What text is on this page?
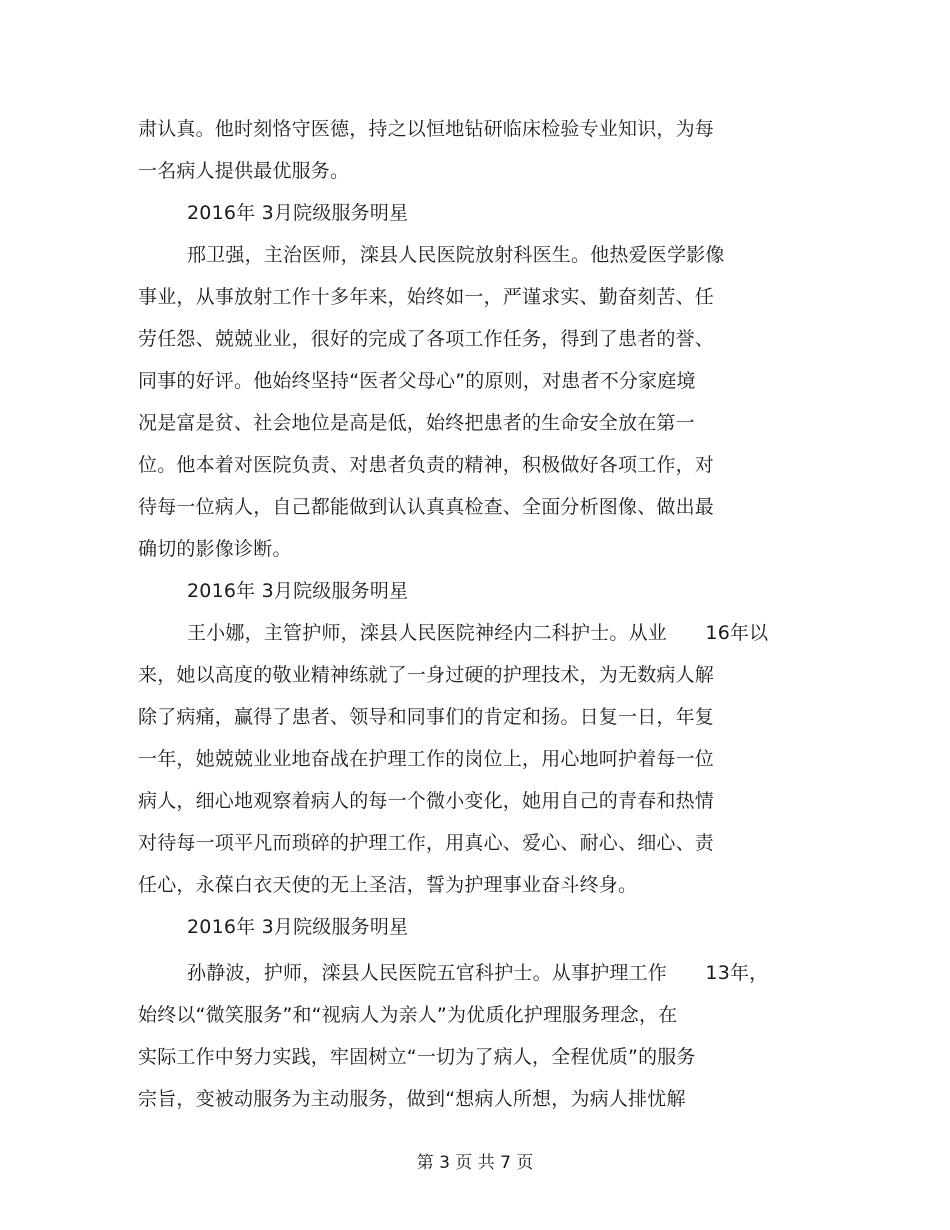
肃认真。他时刻恪守医德，持之以恒地钻研临床检验专业知识，为每
一名病人提供最优服务。
2016年 3月院级服务明星
邢卫强，主治医师，滦县人民医院放射科医生。他热爱医学影像
事业，从事放射工作十多年来，始终如一，严谨求实、勤奋刻苦、任
劳任怨、兢兢业业，很好的完成了各项工作任务，得到了患者的誉、
同事的好评。他始终坚持“医者父母心”的原则，对患者不分家庭境
况是富是贫、社会地位是高是低，始终把患者的生命安全放在第一
位。他本着对医院负责、对患者负责的精神，积极做好各项工作，对
待每一位病人，自己都能做到认认真真检查、全面分析图像、做出最
确切的影像诊断。
2016年 3月院级服务明星
王小娜，主管护师，滦县人民医院神经内二科护士。从业　　16年以
来，她以高度的敬业精神练就了一身过硬的护理技术，为无数病人解
除了病痛，赢得了患者、领导和同事们的肯定和扬。日复一日，年复
一年，她兢兢业业地奋战在护理工作的岗位上，用心地呵护着每一位
病人，细心地观察着病人的每一个微小变化，她用自己的青春和热情
对待每一项平凡而琐碎的护理工作，用真心、爱心、耐心、细心、责
任心，永葆白衣天使的无上圣洁，誓为护理事业奋斗终身。
2016年 3月院级服务明星
孙静波，护师，滦县人民医院五官科护士。从事护理工作　　13年，
始终以“微笑服务”和“视病人为亲人”为优质化护理服务理念，在
实际工作中努力实践，牢固树立“一切为了病人，全程优质”的服务
宗旨，变被动服务为主动服务，做到“想病人所想，为病人排忧解
第 3 页 共 7 页
